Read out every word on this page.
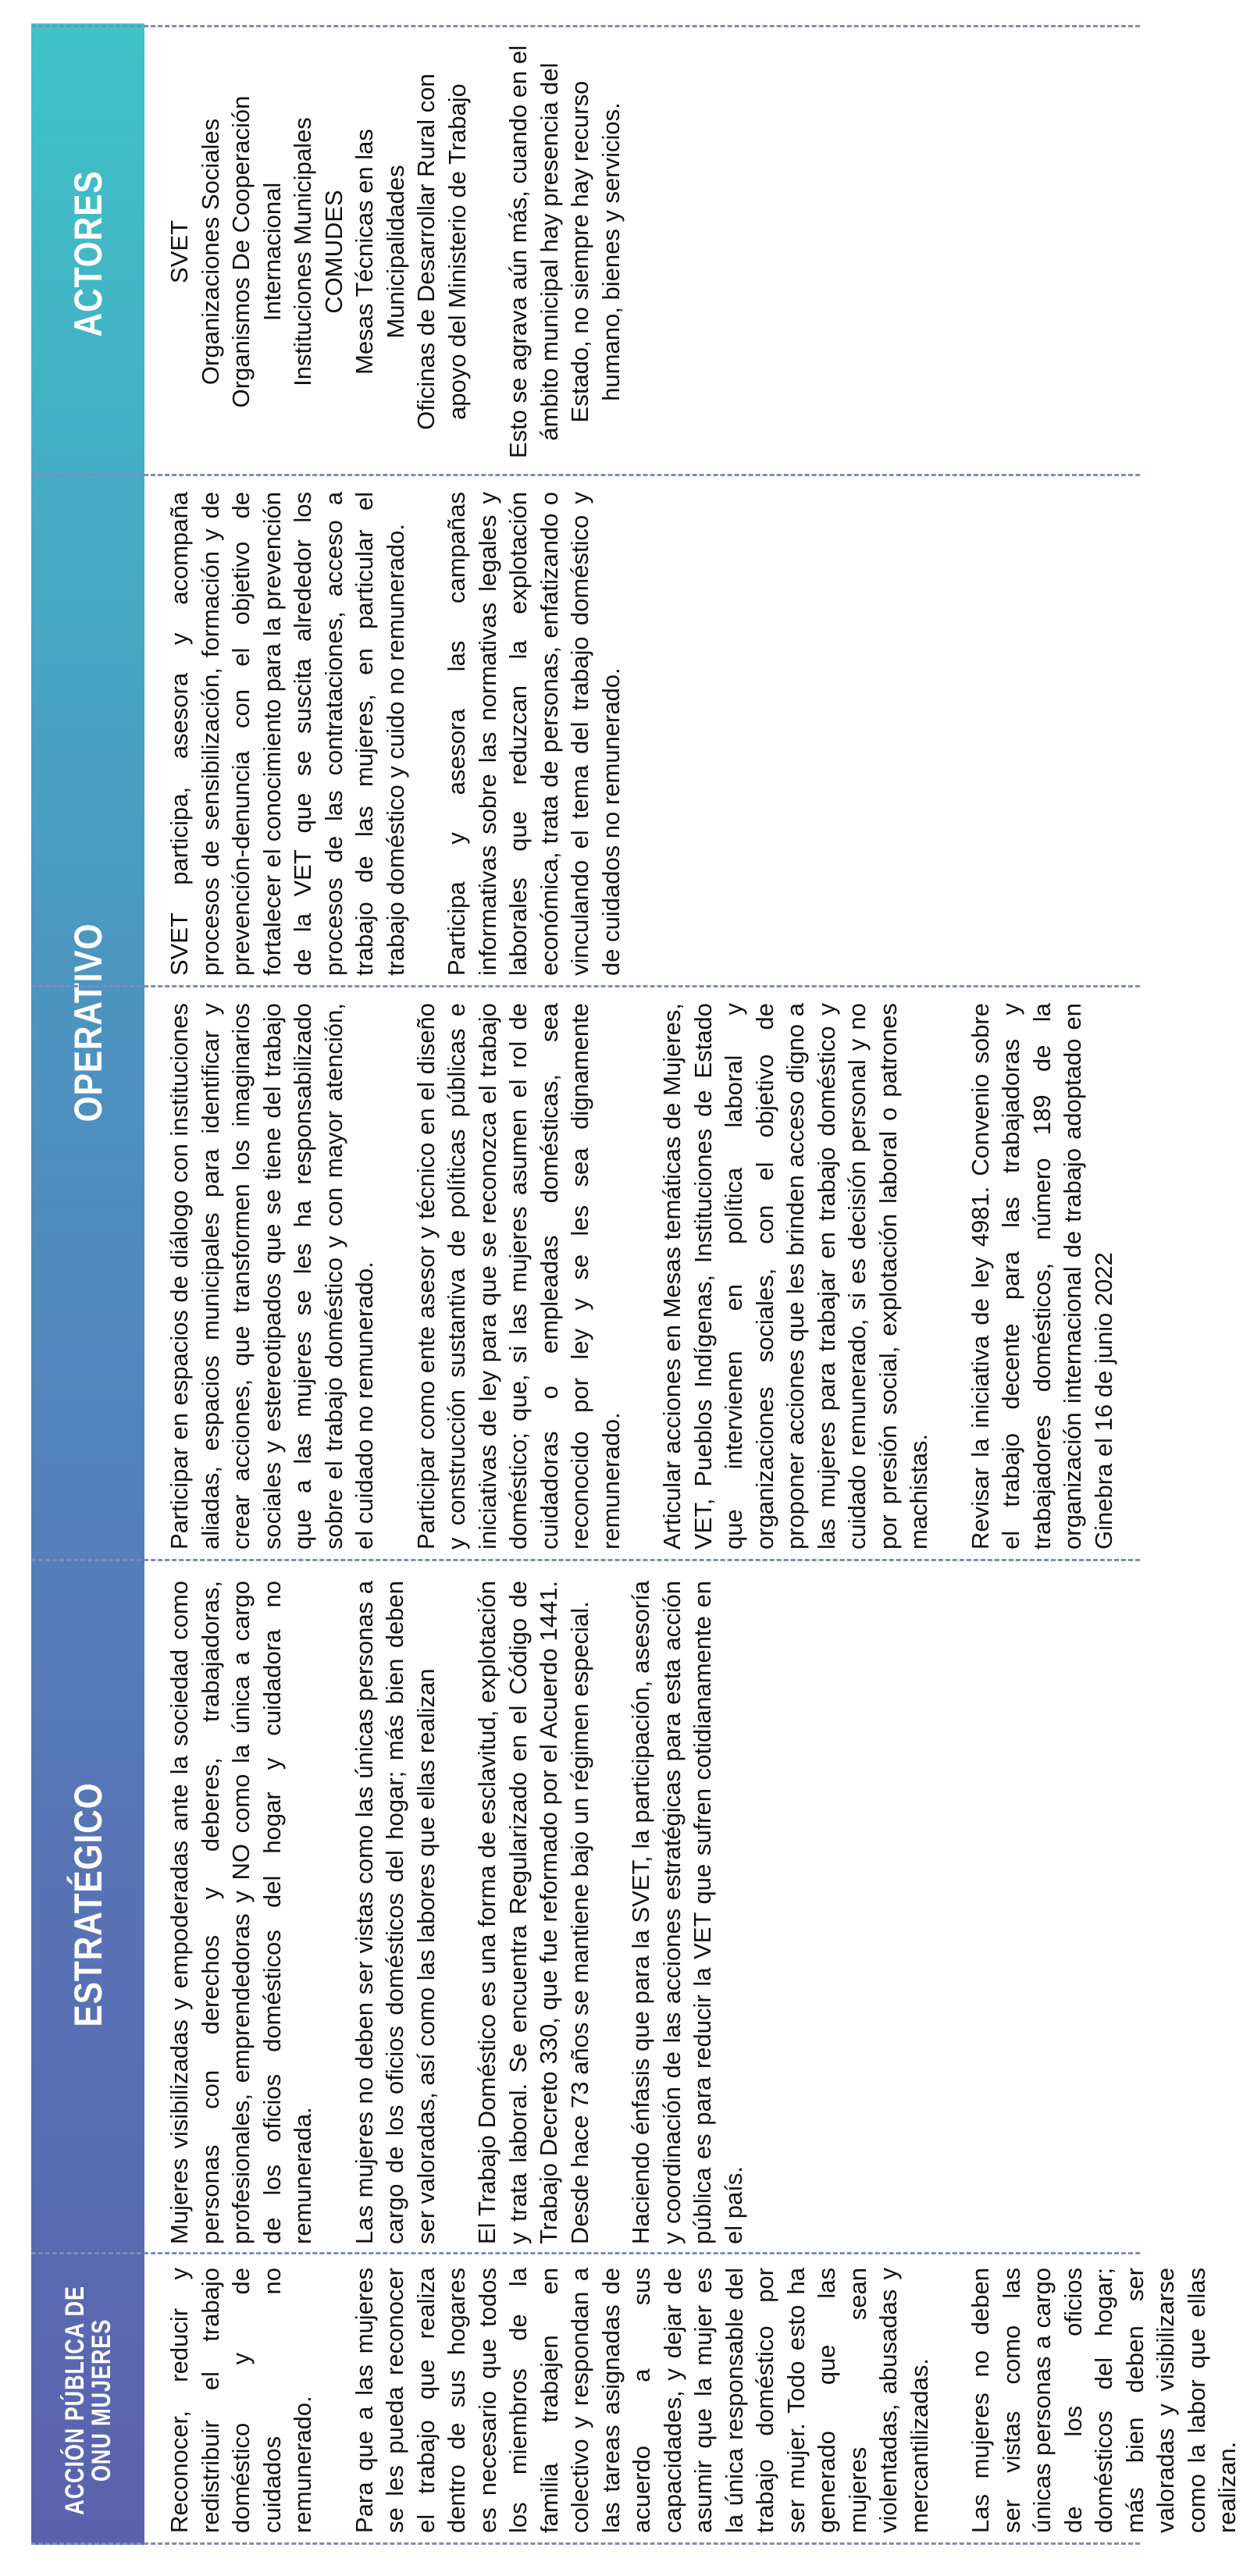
ACCIÓN PÚBLICA DE ONU MUJERES
ESTRATÉGICO
OPERATIVO
ACTORES

Reconocer, reducir y redistribuir el trabajo doméstico y de cuidados no remunerado. Para que a las mujeres se les pueda reconocer el trabajo que realiza dentro de sus hogares es necesario que todos los miembros de la familia trabajen en colectivo y respondan a las tareas asignadas de acuerdo a sus capacidades, y dejar de asumir que la mujer es la única responsable del trabajo doméstico por ser mujer. Todo esto ha generado que las mujeres sean violentadas, abusadas y mercantilizadas. Las mujeres no deben ser vistas como las únicas personas a cargo de los oficios domésticos del hogar; más bien deben ser valoradas y visibilizarse como la labor que ellas realizan.

Mujeres visibilizadas y empoderadas ante la sociedad como personas con derechos y deberes, trabajadoras, profesionales, emprendedoras y NO como la única a cargo de los oficios domésticos del hogar y cuidadora no remunerada. Las mujeres no deben ser vistas como las únicas personas a cargo de los oficios domésticos del hogar; más bien deben ser valoradas, así como las labores que ellas realizan El Trabajo Doméstico es una forma de esclavitud, explotación y trata laboral. Se encuentra Regularizado en el Código de Trabajo Decreto 330, que fue reformado por el Acuerdo 1441. Desde hace 73 años se mantiene bajo un régimen especial. Haciendo énfasis que para la SVET, la participación, asesoría y coordinación de las acciones estratégicas para esta acción pública es para reducir la VET que sufren cotidianamente en el país.

Participar en espacios de diálogo con instituciones aliadas, espacios municipales para identificar y crear acciones, que transformen los imaginarios sociales y estereotipados que se tiene del trabajo que a las mujeres se les ha responsabilizado sobre el trabajo doméstico y con mayor atención, el cuidado no remunerado. Participar como ente asesor y técnico en el diseño y construcción sustantiva de políticas públicas e iniciativas de ley para que se reconozca el trabajo doméstico; que, si las mujeres asumen el rol de cuidadoras o empleadas domésticas, sea reconocido por ley y se les sea dignamente remunerado. Articular acciones en Mesas temáticas de Mujeres, VET, Pueblos Indígenas, Instituciones de Estado que intervienen en política laboral y organizaciones sociales, con el objetivo de proponer acciones que les brinden acceso digno a las mujeres para trabajar en trabajo doméstico y cuidado remunerado, si es decisión personal y no por presión social, explotación laboral o patrones machistas. Revisar la iniciativa de ley 4981. Convenio sobre el trabajo decente para las trabajadoras y trabajadores domésticos, número 189 de la organización internacional de trabajo adoptado en Ginebra el 16 de junio 2022

SVET participa, asesora y acompaña procesos de sensibilización, formación y de prevención-denuncia con el objetivo de fortalecer el conocimiento para la prevención de la VET que se suscita alrededor los procesos de las contrataciones, acceso a trabajo de las mujeres, en particular el trabajo doméstico y cuido no remunerado. Participa y asesora las campañas informativas sobre las normativas legales y laborales que reduzcan la explotación económica, trata de personas, enfatizando o vinculando el tema del trabajo doméstico y de cuidados no remunerado.

SVET Organizaciones Sociales Organismos De Cooperación Internacional Instituciones Municipales COMUDES Mesas Técnicas en las Municipalidades Oficinas de Desarrollar Rural con apoyo del Ministerio de Trabajo Esto se agrava aún más, cuando en el ámbito municipal hay presencia del Estado, no siempre hay recurso humano, bienes y servicios.
